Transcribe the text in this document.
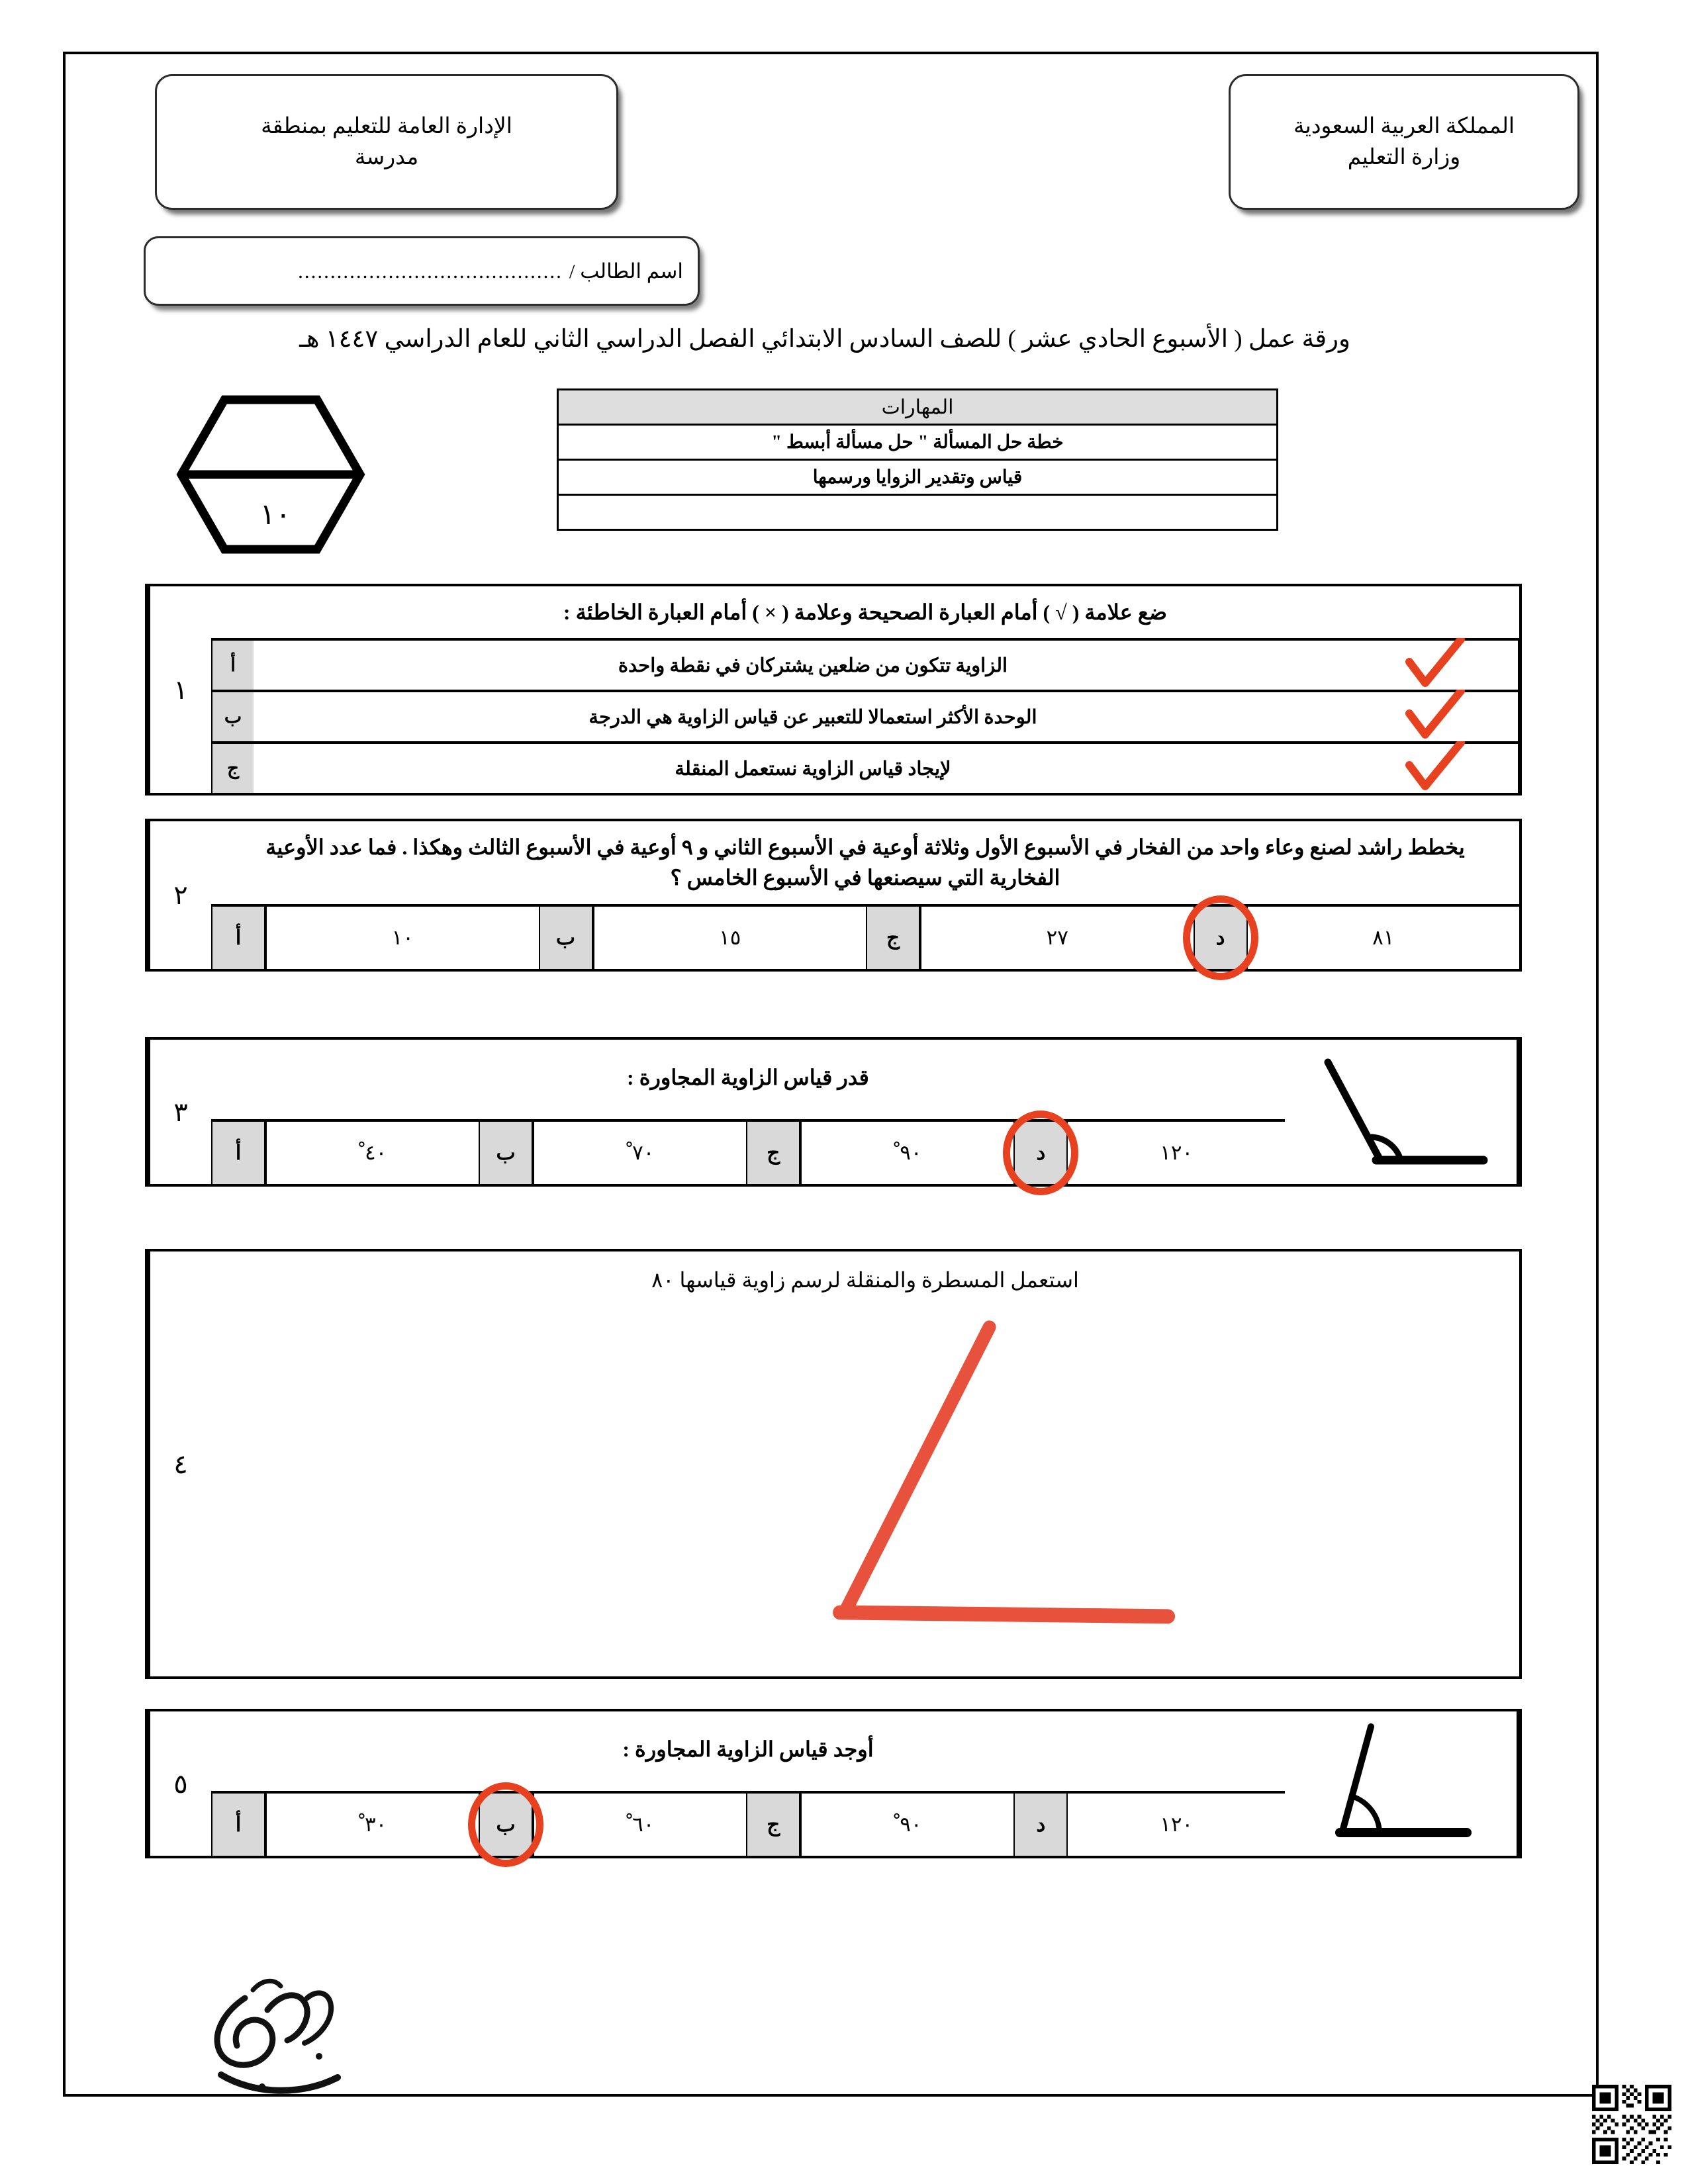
الإدارة العامة للتعليم بمنطقة
مدرسة
المملكة العربية السعودية
وزارة التعليم
اسم الطالب /
.........................................
ورقة عمل ( الأسبوع الحادي عشر ) للصف السادس الابتدائي الفصل الدراسي الثاني للعام الدراسي ١٤٤٧ هـ
١٠
المهارات
خطة حل المسألة " حل مسألة أبسط "
قياس وتقدير الزوايا ورسمها

ضع علامة ( √ ) أمام العبارة الصحيحة وعلامة ( × ) أمام العبارة الخاطئة :
الزاوية تتكون من ضلعين يشتركان في نقطة واحدة
أ
الوحدة الأكثر استعمالا للتعبير عن قياس الزاوية هي الدرجة
ب
لإيجاد قياس الزاوية نستعمل المنقلة
ج
١
يخطط راشد لصنع وعاء واحد من الفخار في الأسبوع الأول وثلاثة أوعية في الأسبوع الثاني و ٩ أوعية في الأسبوع الثالث وهكذا . فما عدد الأوعية الفخارية التي سيصنعها في الأسبوع الخامس ؟
٨١
د
٢٧
ج
١٥
ب
١٠
أ
٢
قدر قياس الزاوية المجاورة :
١٢٠
د
٩٠ ْ
ج
٧٠ ْ
ب
٤٠ ْ
أ
٣
استعمل المسطرة والمنقلة لرسم زاوية قياسها ٨٠
٤
أوجد قياس الزاوية المجاورة :
١٢٠
د
٩٠ ْ
ج
٦٠ ْ
ب
٣٠ ْ
أ
٥
